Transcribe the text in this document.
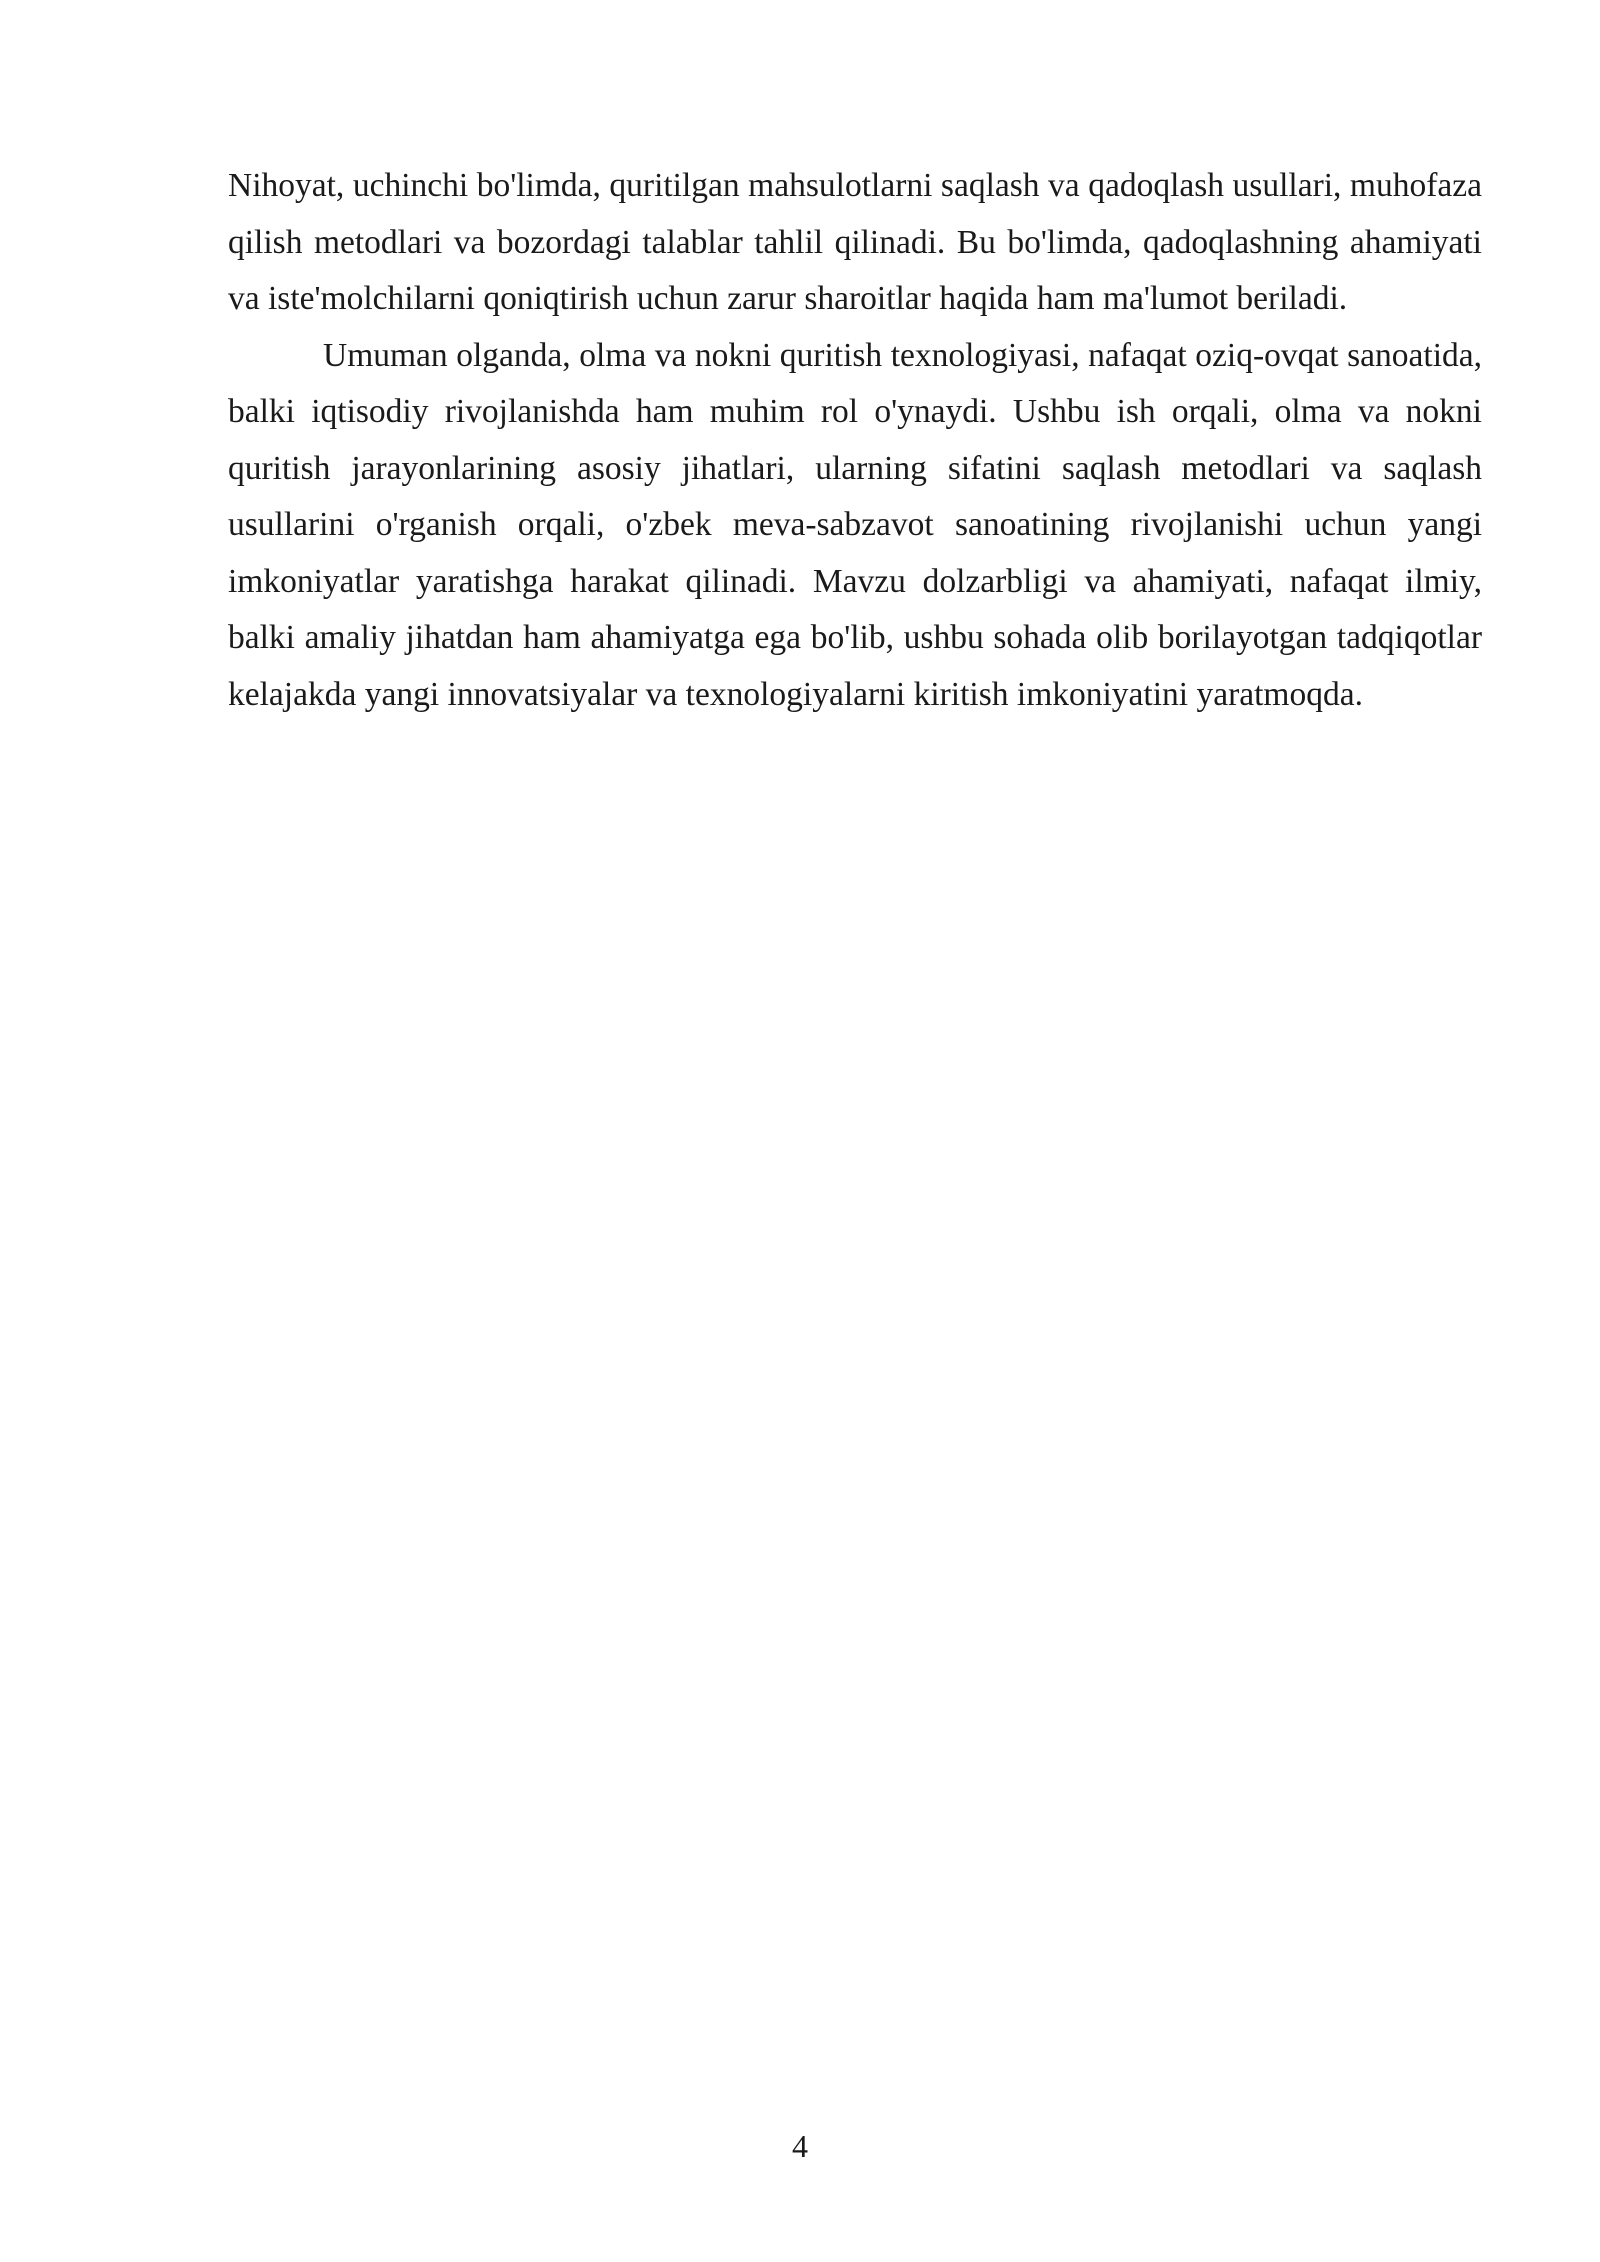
Nihoyat, uchinchi bo'limda, quritilgan mahsulotlarni saqlash va qadoqlash usullari, muhofaza qilish metodlari va bozordagi talablar tahlil qilinadi. Bu bo'limda, qadoqlashning ahamiyati va iste'molchilarni qoniqtirish uchun zarur sharoitlar haqida ham ma'lumot beriladi.

Umuman olganda, olma va nokni quritish texnologiyasi, nafaqat oziq-ovqat sanoatida, balki iqtisodiy rivojlanishda ham muhim rol o'ynaydi. Ushbu ish orqali, olma va nokni quritish jarayonlarining asosiy jihatlari, ularning sifatini saqlash metodlari va saqlash usullarini o'rganish orqali, o'zbek meva-sabzavot sanoatining rivojlanishi uchun yangi imkoniyatlar yaratishga harakat qilinadi. Mavzu dolzarbligi va ahamiyati, nafaqat ilmiy, balki amaliy jihatdan ham ahamiyatga ega bo'lib, ushbu sohada olib borilayotgan tadqiqotlar kelajakda yangi innovatsiyalar va texnologiyalarni kiritish imkoniyatini yaratmoqda.

4
